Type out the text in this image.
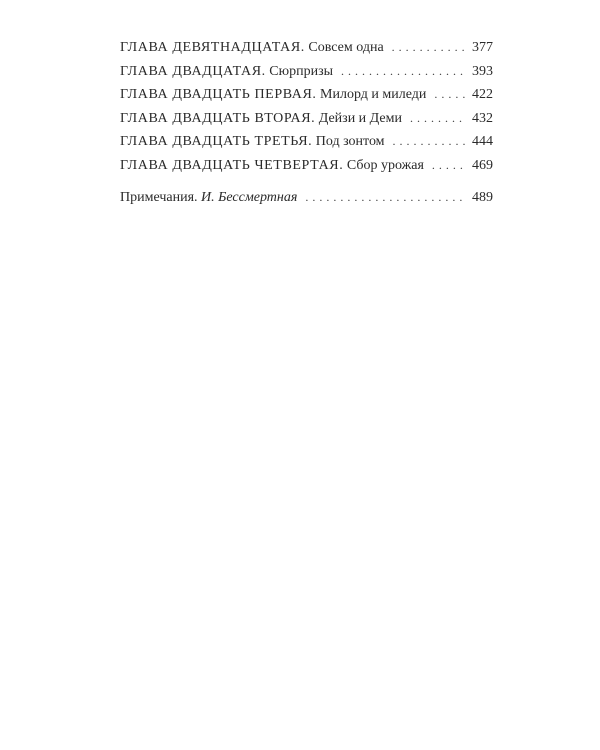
ГЛАВА ДЕВЯТНАДЦАТАЯ. Совсем одна . . .	377
ГЛАВА ДВАДЦАТАЯ. Сюрпризы . . .	393
ГЛАВА ДВАДЦАТЬ ПЕРВАЯ. Милорд и миледи . . .	422
ГЛАВА ДВАДЦАТЬ ВТОРАЯ. Дейзи и Деми . . .	432
ГЛАВА ДВАДЦАТЬ ТРЕТЬЯ. Под зонтом . . .	444
ГЛАВА ДВАДЦАТЬ ЧЕТВЕРТАЯ. Сбор урожая . . .	469
Примечания. И. Бессмертная . . .	489
